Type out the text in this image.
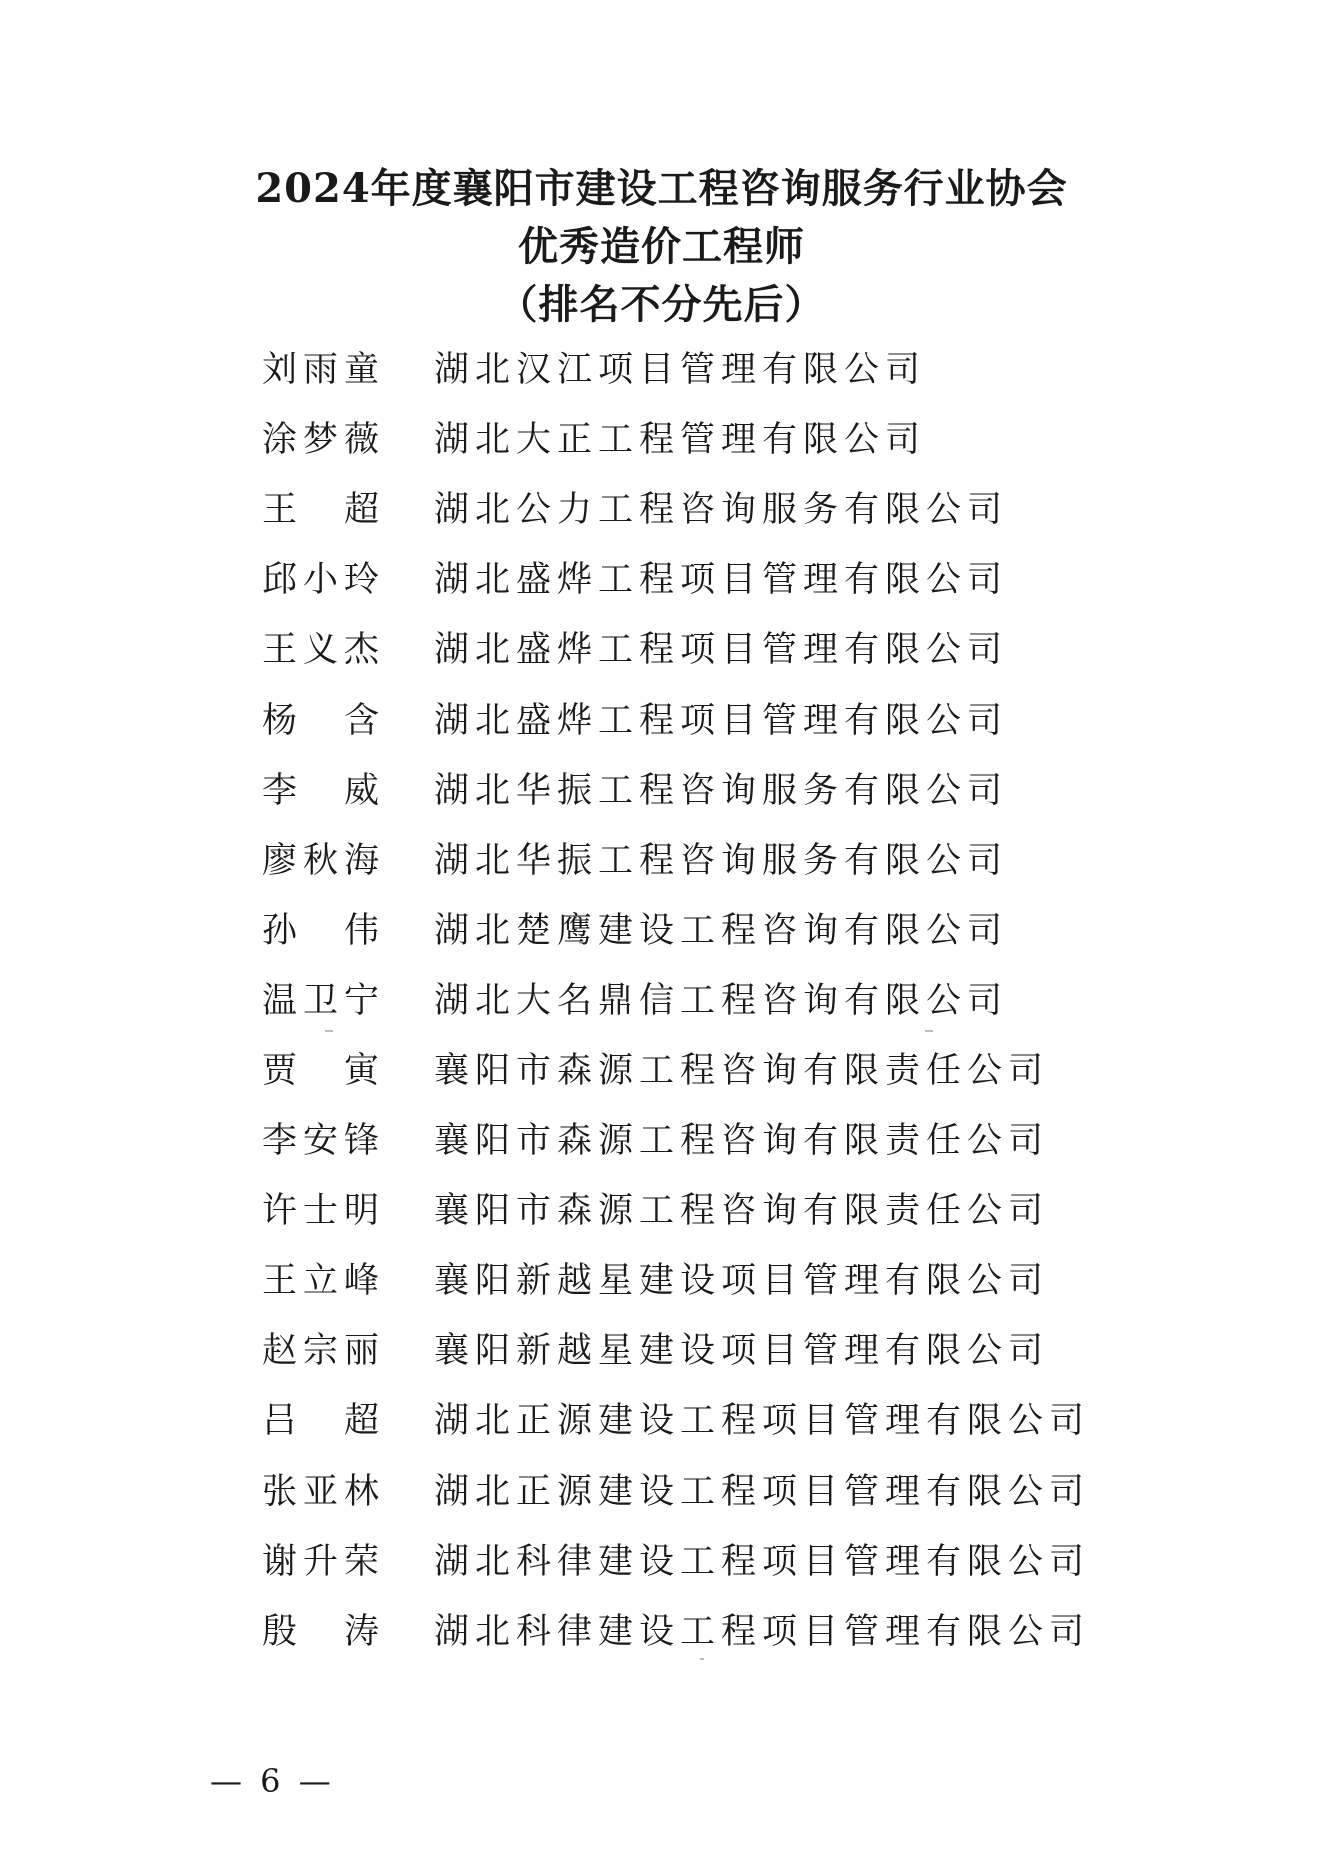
2024年度襄阳市建设工程咨询服务行业协会
优秀造价工程师
（排名不分先后）
刘雨童 湖北汉江项目管理有限公司
涂梦薇 湖北大正工程管理有限公司
王　超 湖北公力工程咨询服务有限公司
邱小玲 湖北盛烨工程项目管理有限公司
王义杰 湖北盛烨工程项目管理有限公司
杨　含 湖北盛烨工程项目管理有限公司
李　威 湖北华振工程咨询服务有限公司
廖秋海 湖北华振工程咨询服务有限公司
孙　伟 湖北楚鹰建设工程咨询有限公司
温卫宁 湖北大名鼎信工程咨询有限公司
贾　寅 襄阳市森源工程咨询有限责任公司
李安锋 襄阳市森源工程咨询有限责任公司
许士明 襄阳市森源工程咨询有限责任公司
王立峰 襄阳新越星建设项目管理有限公司
赵宗丽 襄阳新越星建设项目管理有限公司
吕　超 湖北正源建设工程项目管理有限公司
张亚林 湖北正源建设工程项目管理有限公司
谢升荣 湖北科律建设工程项目管理有限公司
殷　涛 湖北科律建设工程项目管理有限公司
— 6 —
